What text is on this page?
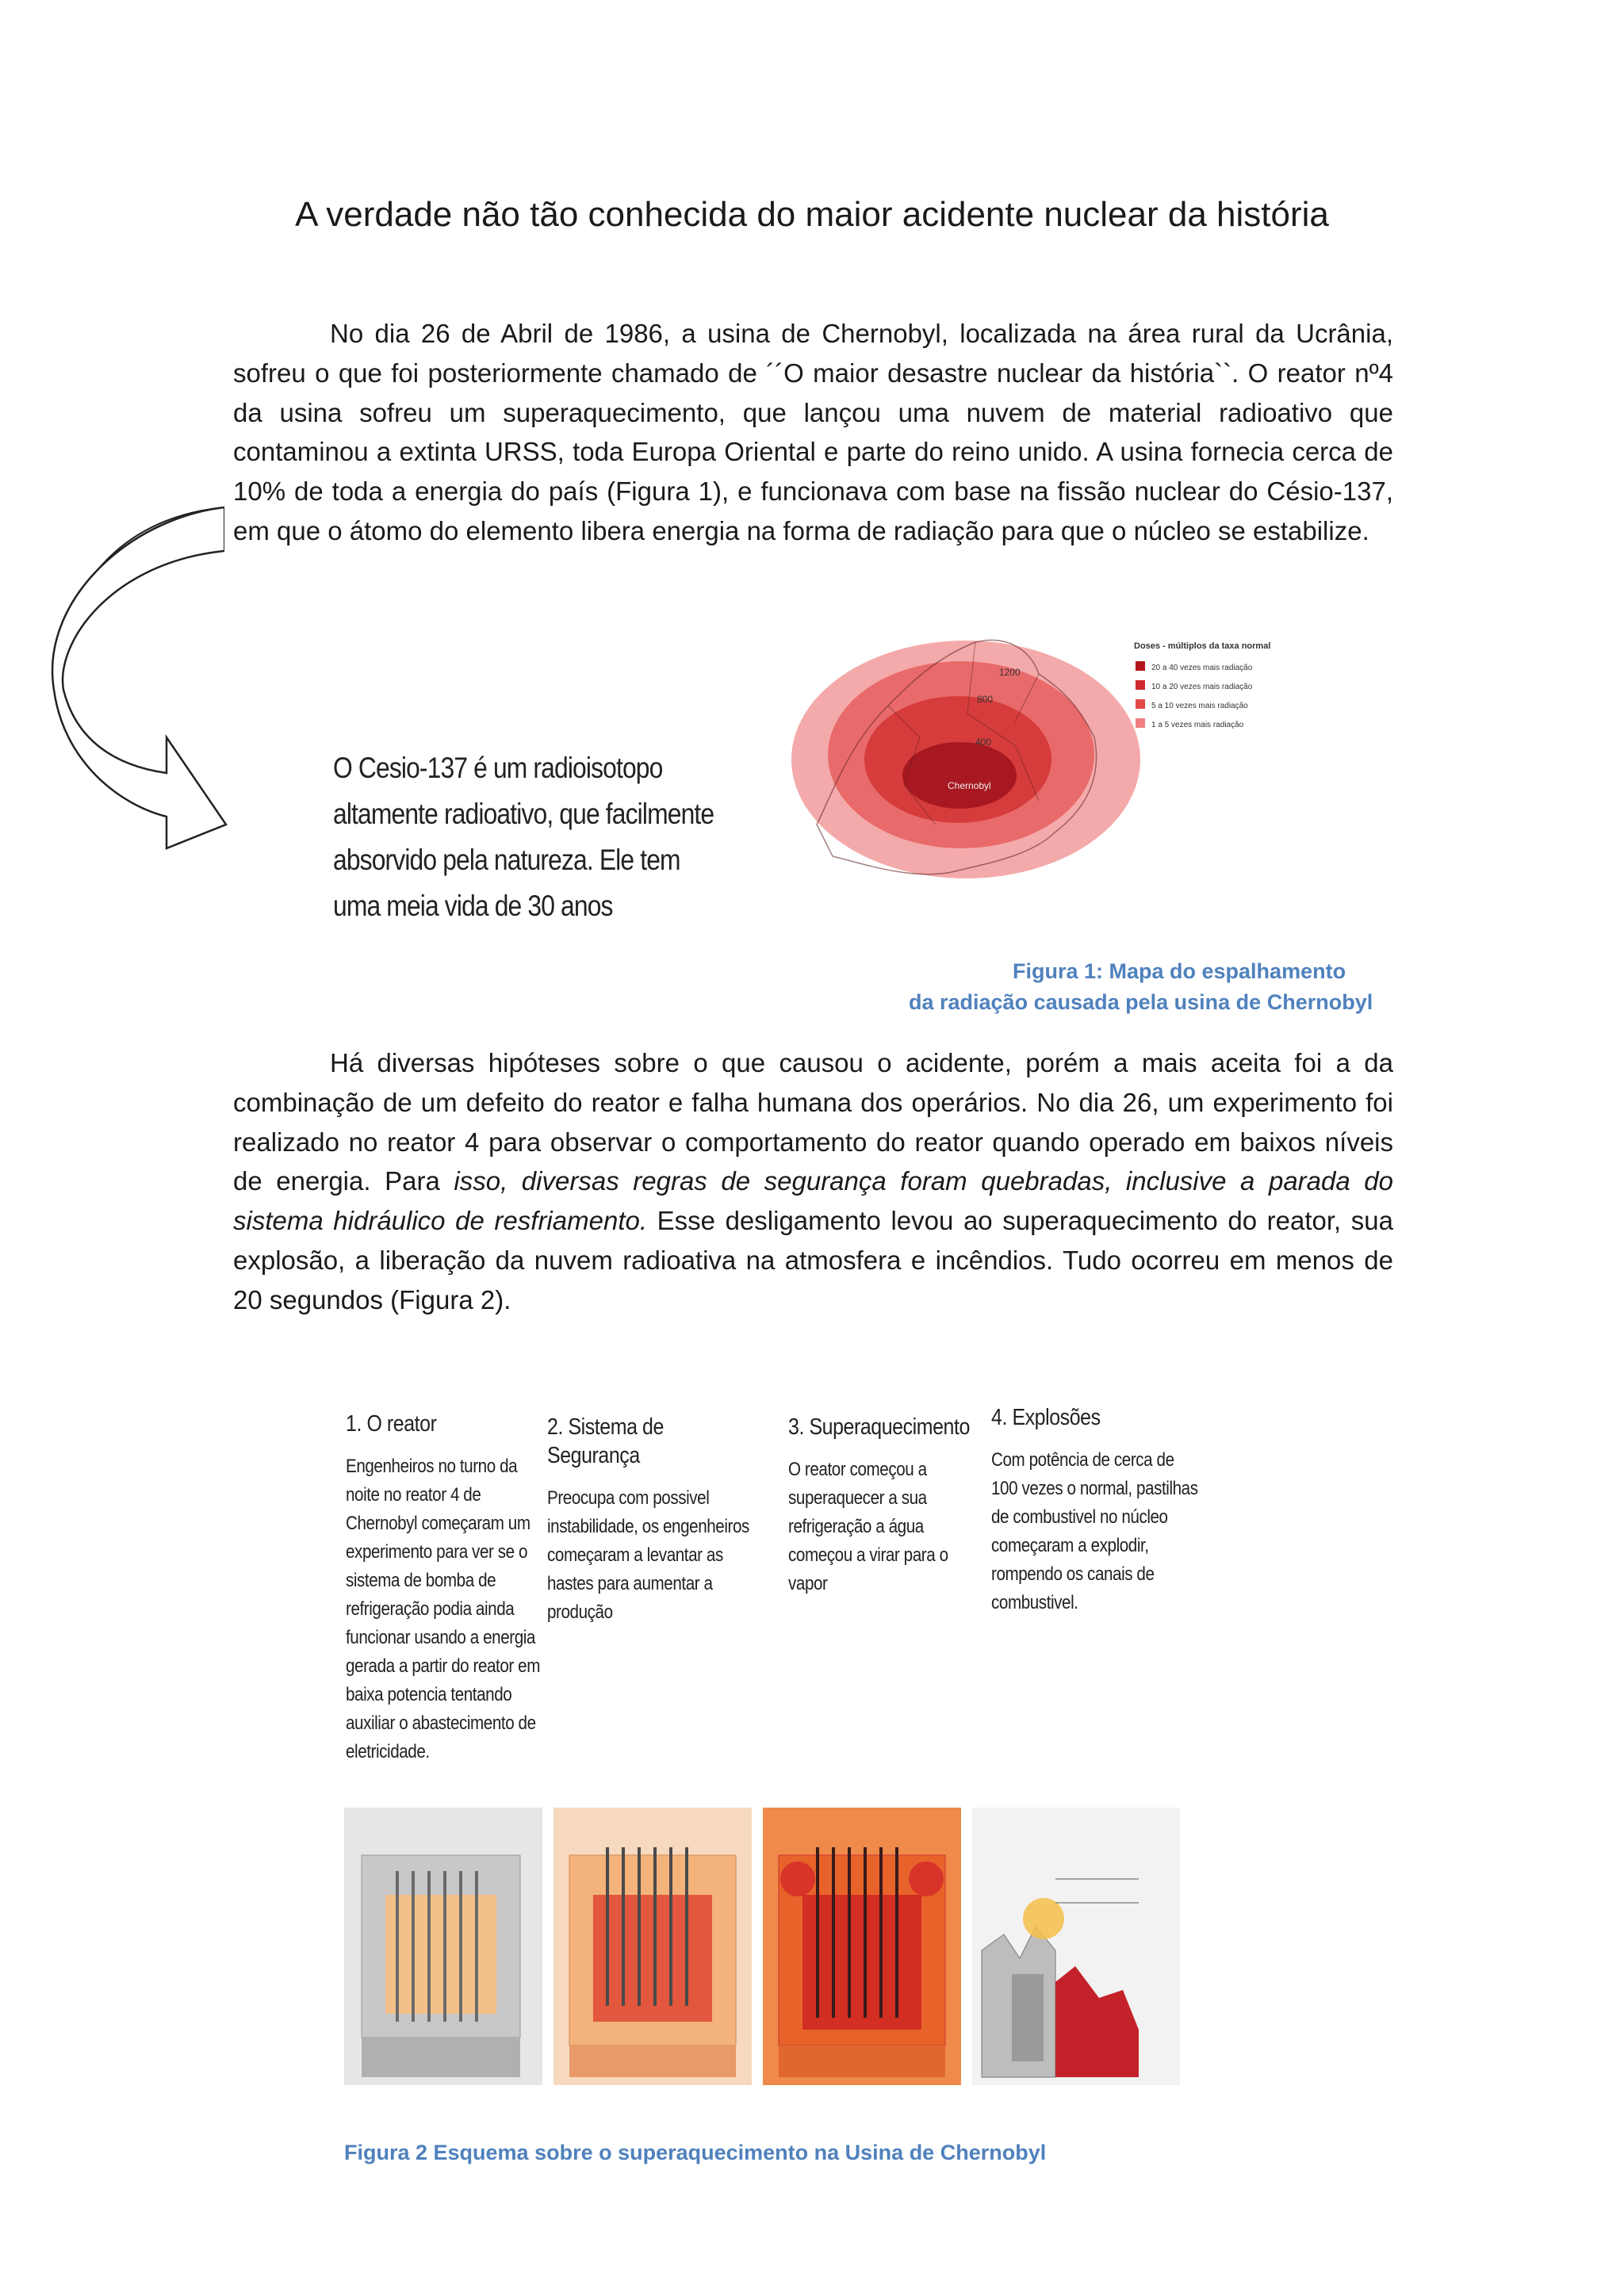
A verdade não tão conhecida do maior acidente nuclear da história

No dia 26 de Abril de 1986, a usina de Chernobyl, localizada na área rural da Ucrânia, sofreu o que foi posteriormente chamado de ´´O maior desastre nuclear da história``. O reator nº4 da usina sofreu um superaquecimento, que lançou uma nuvem de material radioativo que contaminou a extinta URSS, toda Europa Oriental e parte do reino unido. A usina fornecia cerca de 10% de toda a energia do país (Figura 1), e funcionava com base na fissão nuclear do Césio-137, em que o átomo do elemento libera energia na forma de radiação para que o núcleo se estabilize.

O Cesio-137 é um radioisotopo altamente radioativo, que facilmente absorvido pela natureza. Ele tem uma meia vida de 30 anos
1200
800
400
Chernobyl
Doses - múltiplos da taxa normal
20 a 40 vezes mais radiação
10 a 20 vezes mais radiação
5 a 10 vezes mais radiação
1 a 5 vezes mais radiação
Figura 1: Mapa do espalhamento
da radiação causada pela usina de Chernobyl

Há diversas hipóteses sobre o que causou o acidente, porém a mais aceita foi a da combinação de um defeito do reator e falha humana dos operários. No dia 26, um experimento foi realizado no reator 4 para observar o comportamento do reator quando operado em baixos níveis de energia. Para isso, diversas regras de segurança foram quebradas, inclusive a parada do sistema hidráulico de resfriamento. Esse desligamento levou ao superaquecimento do reator, sua explosão, a liberação da nuvem radioativa na atmosfera e incêndios. Tudo ocorreu em menos de 20 segundos (Figura 2).

1. O reator
Engenheiros no turno da noite no reator 4 de Chernobyl começaram um experimento para ver se o sistema de bomba de refrigeração podia ainda funcionar usando a energia gerada a partir do reator em baixa potencia tentando auxiliar o abastecimento de eletricidade.
2. Sistema de Segurança
Preocupa com possivel instabilidade, os engenheiros começaram a levantar as hastes para aumentar a produção
3. Superaquecimento
O reator começou a superaquecer a sua refrigeração a água começou a virar para o vapor
4. Explosões
Com potência de cerca de 100 vezes o normal, pastilhas de combustivel no núcleo começaram a explodir, rompendo os canais de combustivel.
Figura 2 Esquema sobre o superaquecimento na Usina de Chernobyl
